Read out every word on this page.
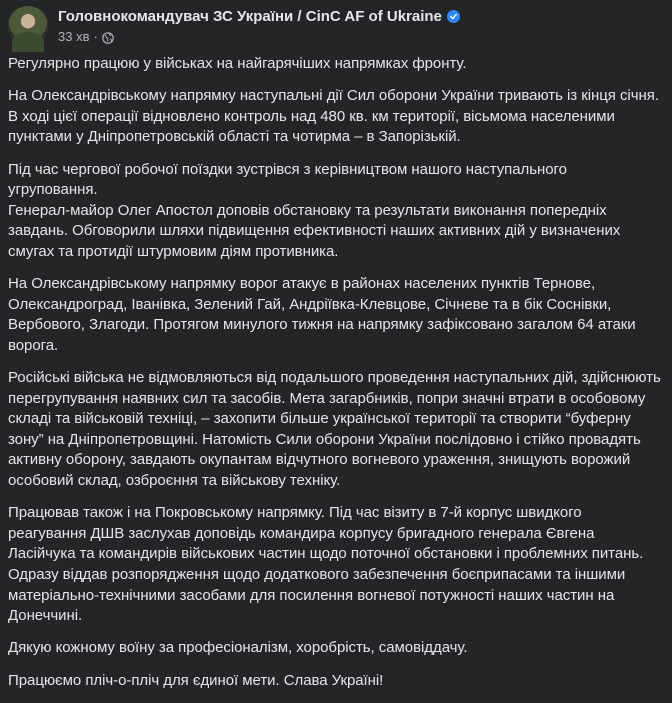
Головнокомандувач ЗС України / CinC AF of Ukraine
33 хв ·

Регулярно працюю у військах на найгарячіших напрямках фронту.

На Олександрівському напрямку наступальні дії Сил оборони України тривають із кінця січня.
В ході цієї операції відновлено контроль над 480 кв. км території, вісьмома населеними
пунктами у Дніпропетровській області та чотирма – в Запорізькій.

Під час чергової робочої поїздки зустрівся з керівництвом нашого наступального
угруповання.
Генерал-майор Олег Апостол доповів обстановку та результати виконання попередніх
завдань. Обговорили шляхи підвищення ефективності наших активних дій у визначених
смугах та протидії штурмовим діям противника.

На Олександрівському напрямку ворог атакує в районах населених пунктів Тернове,
Олександроград, Іванівка, Зелений Гай, Андріївка-Клевцове, Січневе та в бік Соснівки,
Вербового, Злагоди. Протягом минулого тижня на напрямку зафіксовано загалом 64 атаки
ворога.

Російські війська не відмовляються від подальшого проведення наступальних дій, здійснюють
перегрупування наявних сил та засобів. Мета загарбників, попри значні втрати в особовому
складі та військовій техніці, – захопити більше української території та створити “буферну
зону” на Дніпропетровщині. Натомість Сили оборони України послідовно і стійко провадять
активну оборону, завдають окупантам відчутного вогневого ураження, знищують ворожий
особовий склад, озброєння та військову техніку.

Працював також і на Покровському напрямку. Під час візиту в 7-й корпус швидкого
реагування ДШВ заслухав доповідь командира корпусу бригадного генерала Євгена
Ласійчука та командирів військових частин щодо поточної обстановки і проблемних питань.
Одразу віддав розпорядження щодо додаткового забезпечення боєприпасами та іншими
матеріально-технічними засобами для посилення вогневої потужності наших частин на
Донеччині.

Дякую кожному воїну за професіоналізм, хоробрість, самовіддачу.

Працюємо пліч-о-пліч для єдиної мети. Слава Україні!
